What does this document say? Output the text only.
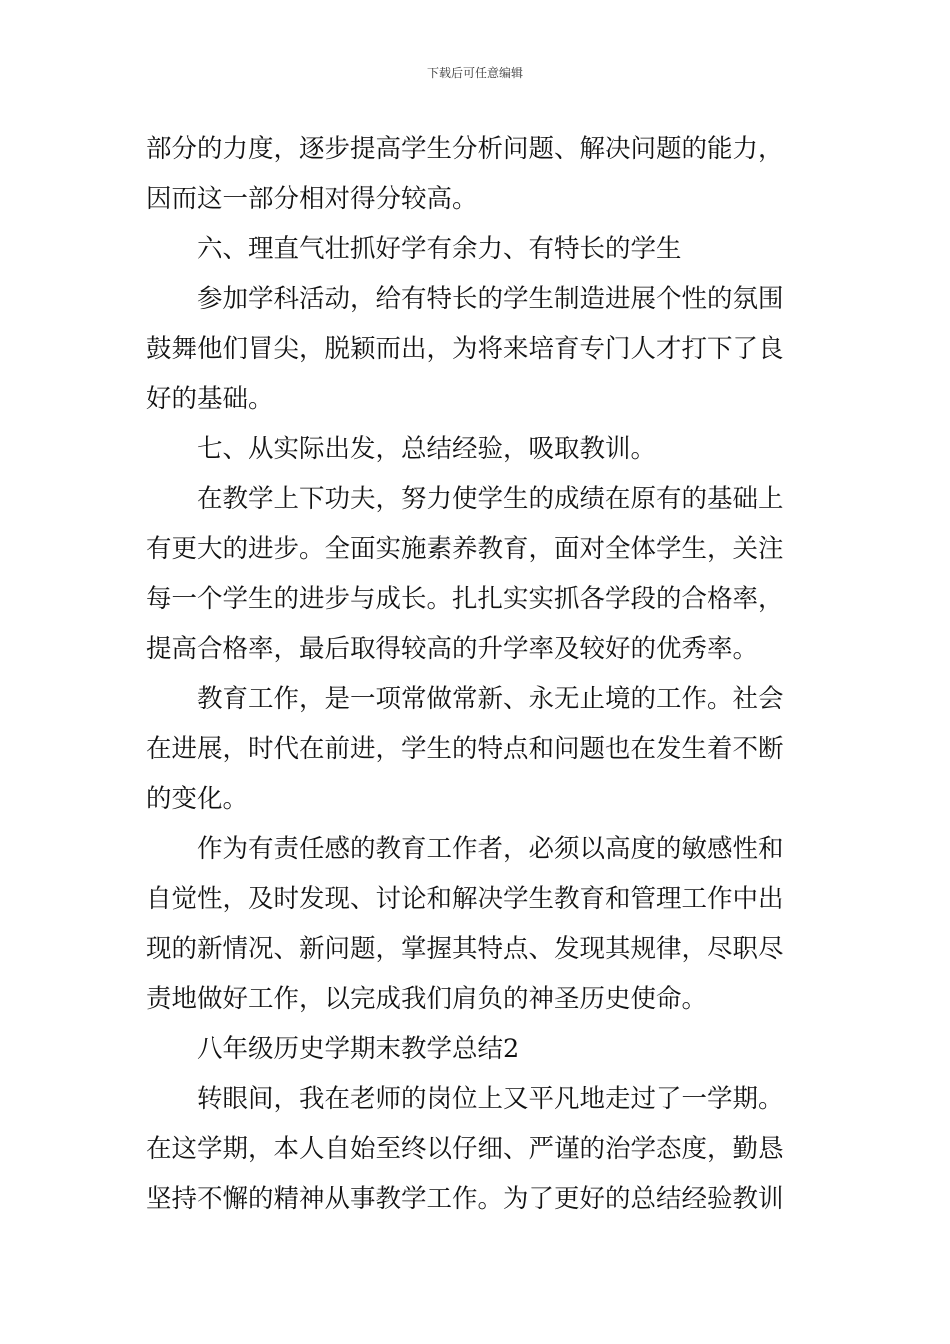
下载后可任意编辑
部分的力度，逐步提高学生分析问题、解决问题的能力，
因而这一部分相对得分较高。
六、理直气壮抓好学有余力、有特长的学生
参加学科活动，给有特长的学生制造进展个性的氛围
鼓舞他们冒尖，脱颖而出，为将来培育专门人才打下了良
好的基础。
七、从实际出发，总结经验，吸取教训。
在教学上下功夫，努力使学生的成绩在原有的基础上
有更大的进步。全面实施素养教育，面对全体学生，关注
每一个学生的进步与成长。扎扎实实抓各学段的合格率，
提高合格率，最后取得较高的升学率及较好的优秀率。
教育工作，是一项常做常新、永无止境的工作。社会
在进展，时代在前进，学生的特点和问题也在发生着不断
的变化。
作为有责任感的教育工作者，必须以高度的敏感性和
自觉性，及时发现、讨论和解决学生教育和管理工作中出
现的新情况、新问题，掌握其特点、发现其规律，尽职尽
责地做好工作，以完成我们肩负的神圣历史使命。
八年级历史学期末教学总结2
转眼间，我在老师的岗位上又平凡地走过了一学期。
在这学期，本人自始至终以仔细、严谨的治学态度，勤恳
坚持不懈的精神从事教学工作。为了更好的总结经验教训
